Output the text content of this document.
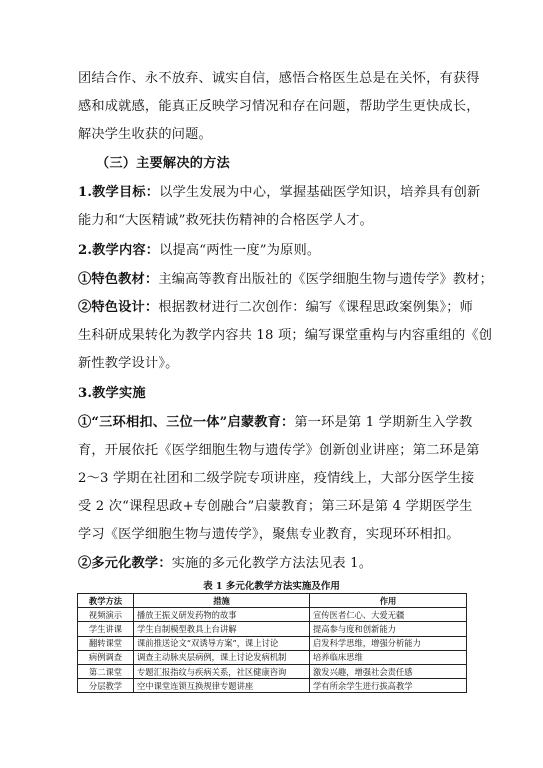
团结合作、永不放弃、诚实自信，感悟合格医生总是在关怀，有获得
感和成就感，能真正反映学习情况和存在问题，帮助学生更快成长，
解决学生收获的问题。
（三）主要解决的方法
1.教学目标：以学生发展为中心，掌握基础医学知识，培养具有创新
能力和“大医精诚”救死扶伤精神的合格医学人才。
2.教学内容：以提高“两性一度”为原则。
①特色教材：主编高等教育出版社的《医学细胞生物与遗传学》教材；
②特色设计：根据教材进行二次创作：编写《课程思政案例集》；师
生科研成果转化为教学内容共 18 项；编写课堂重构与内容重组的《创
新性教学设计》。
3.教学实施
①“三环相扣、三位一体”启蒙教育：第一环是第 1 学期新生入学教
育，开展依托《医学细胞生物与遗传学》创新创业讲座；第二环是第
2～3 学期在社团和二级学院专项讲座，疫情线上，大部分医学生接
受 2 次“课程思政+专创融合”启蒙教育；第三环是第 4 学期医学生
学习《医学细胞生物与遗传学》，聚焦专业教育，实现环环相扣。
②多元化教学：实施的多元化教学方法法见表 1。
表 1 多元化教学方法实施及作用
教学方法	措施	作用
视频演示	播放王振义研发药物的故事	宣传医者仁心、大爱无疆
学生讲课	学生自制模型教具上台讲解	提高参与度和创新能力
翻转课堂	课前推送论文“双诱导方案”，课上讨论	启发科学思维，增强分析能力
病例调查	调查主动脉夹层病例，课上讨论发病机制	培养临床思维
第二课堂	专题汇报指纹与疾病关系，社区健康咨询	激发兴趣，增强社会责任感
分层教学	空中课堂连锁互换规律专题讲座	学有所余学生进行拔高教学
